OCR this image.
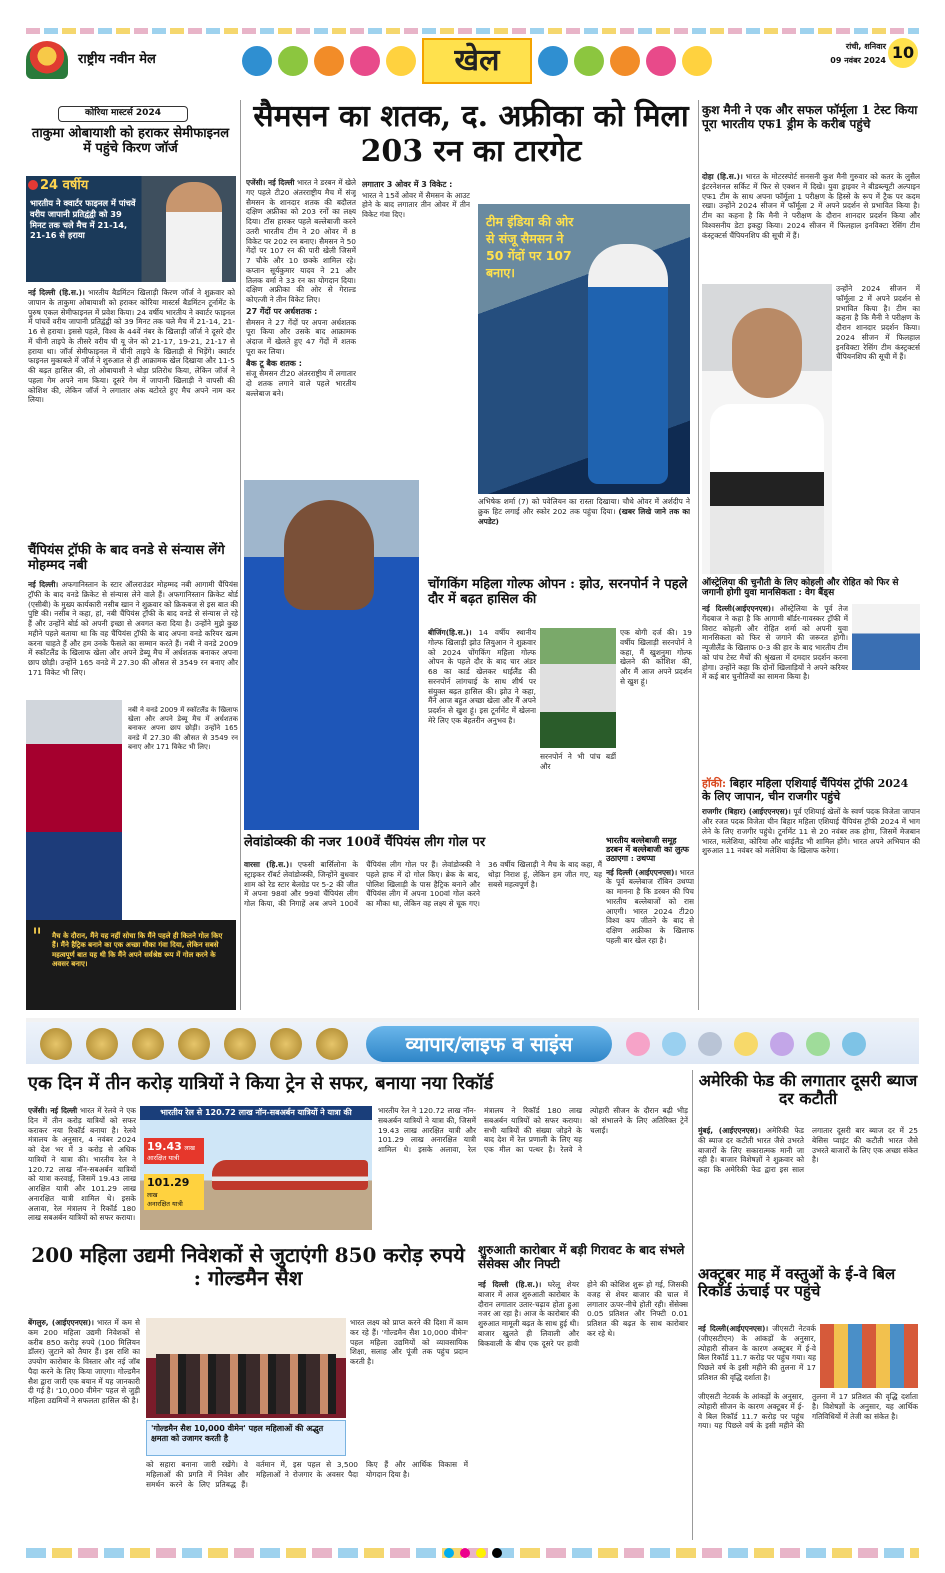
राष्ट्रीय नवीन मेल	खेल	रांची, शनिवार
09 नवंबर 2024 10
कोरिया मास्टर्स 2024
ताकुमा ओबायाशी को हराकर सेमीफाइनल में पहुंचे किरण जॉर्ज
24 वर्षीय
भारतीय ने क्वार्टर फाइनल में पांचवें वरीय जापानी प्रतिद्वंद्वी को 39 मिनट तक चले मैच में 21-14, 21-16 से हराया
नई दिल्ली (हि.स.)। भारतीय बैडमिंटन खिलाड़ी किरण जॉर्ज ने शुक्रवार को जापान के ताकुमा ओबायाशी को हराकर कोरिया मास्टर्स बैडमिंटन टूर्नामेंट के पुरुष एकल सेमीफाइनल में प्रवेश किया। 24 वर्षीय भारतीय ने क्वार्टर फाइनल में पांचवें वरीय जापानी प्रतिद्वंद्वी को 39 मिनट तक चले मैच में 21-14, 21-16 से हराया। इससे पहले, विश्व के 44वें नंबर के खिलाड़ी जॉर्ज ने दूसरे दौर में चीनी ताइपे के तीसरे वरीय ची यू जेन को 21-17, 19-21, 21-17 से हराया था। जॉर्ज सेमीफाइनल में चीनी ताइपे के खिलाड़ी से भिड़ेंगे। क्वार्टर फाइनल मुकाबले में जॉर्ज ने शुरुआत से ही आक्रामक खेल दिखाया और 11-5 की बढ़त हासिल की, तो ओबायाशी ने थोड़ा प्रतिरोध किया, लेकिन जॉर्ज ने पहला गेम अपने नाम किया। दूसरे गेम में जापानी खिलाड़ी ने वापसी की कोशिश की, लेकिन जॉर्ज ने लगातार अंक बटोरते हुए मैच अपने नाम कर लिया।
चैंपियंस ट्रॉफी के बाद वनडे से संन्यास लेंगे मोहम्मद नबी
नई दिल्ली। अफगानिस्तान के स्टार ऑलराउंडर मोहम्मद नबी आगामी चैंपियंस ट्रॉफी के बाद वनडे क्रिकेट से संन्यास लेने वाले हैं। अफगानिस्तान क्रिकेट बोर्ड (एसीबी) के मुख्य कार्यकारी नसीब खान ने शुक्रवार को क्रिकबज से इस बात की पुष्टि की। नसीब ने कहा, हां, नबी चैंपियंस ट्रॉफी के बाद वनडे से संन्यास ले रहे हैं और उन्होंने बोर्ड को अपनी इच्छा से अवगत करा दिया है। उन्होंने मुझे कुछ महीने पहले बताया था कि वह चैंपियंस ट्रॉफी के बाद अपना वनडे करियर खत्म करना चाहते हैं और हम उनके फैसले का सम्मान करते हैं। नबी ने वनडे 2009 में स्कॉटलैंड के खिलाफ खेला और अपने डेब्यू मैच में अर्धशतक बनाकर अपना छाप छोड़ी। उन्होंने 165 वनडे में 27.30 की औसत से 3549 रन बनाए और 171 विकेट भी लिए।
नबी ने वनडे 2009 में स्कॉटलैंड के खिलाफ खेला और अपने डेब्यू मैच में अर्धशतक बनाकर अपना छाप छोड़ी। उन्होंने 165 वनडे में 27.30 की औसत से 3549 रन बनाए और 171 विकेट भी लिए।
" मैच के दौरान, मैंने यह नहीं सोचा कि मैंने पहले ही कितने गोल किए हैं। मैंने हैट्रिक बनाने का एक अच्छा मौका गंवा दिया, लेकिन सबसे महत्वपूर्ण बात यह थी कि मैंने अपने सर्वश्रेष्ठ रूप में गोल करने के अवसर बनाए।
सैमसन का शतक, द. अफ्रीका को मिला 203 रन का टारगेट
एजेंसी। नई दिल्ली भारत ने डरबन में खेले गए पहले टी20 अंतरराष्ट्रीय मैच में संजू सैमसन के शानदार शतक की बदौलत दक्षिण अफ्रीका को 203 रनों का लक्ष्य दिया। टॉस हारकर पहले बल्लेबाजी करने उतरी भारतीय टीम ने 20 ओवर में 8 विकेट पर 202 रन बनाए। सैमसन ने 50 गेंदों पर 107 रन की पारी खेली जिसमें 7 चौके और 10 छक्के शामिल रहे। कप्तान सूर्यकुमार यादव ने 21 और तिलक वर्मा ने 33 रन का योगदान दिया। दक्षिण अफ्रीका की ओर से गेराल्ड कोएत्जी ने तीन विकेट लिए।
27 गेंदों पर अर्धशतक :
सैमसन ने 27 गेंदों पर अपना अर्धशतक पूरा किया और उसके बाद आक्रामक अंदाज में खेलते हुए 47 गेंदों में शतक पूरा कर लिया।
बैक टू बैक शतक :
संजू सैमसन टी20 अंतरराष्ट्रीय में लगातार दो शतक लगाने वाले पहले भारतीय बल्लेबाज बने।
लगातार 3 ओवर में 3 विकेट :
भारत ने 15वें ओवर में सैमसन के आउट होने के बाद लगातार तीन ओवर में तीन विकेट गंवा दिए।	टीम इंडिया की ओर से संजू सैमसन ने 50 गेंदों पर 107 बनाए।
अभिषेक शर्मा (7) को पवेलियन का रास्ता दिखाया। चौथे ओवर में अर्शदीप ने क्रुक हिट लगाई और स्कोर 202 तक पहुंचा दिया। (खबर लिखे जाने तक का अपडेट)
चोंगकिंग महिला गोल्फ ओपन : झोउ, सरनपोर्न ने पहले दौर में बढ़त हासिल की
बीजिंग(हि.स.)। 14 वर्षीय स्थानीय गोल्फ खिलाड़ी झोउ लियुआन ने शुक्रवार को 2024 चोंगकिंग महिला गोल्फ ओपन के पहले दौर के बाद चार अंडर 68 का कार्ड खेलकर थाईलैंड की सरनपोर्न लांगचाई के साथ शीर्ष पर संयुक्त बढ़त हासिल की। झोउ ने कहा, मैंने आज बहुत अच्छा खेला और मैं अपने प्रदर्शन से खुश हूं। इस टूर्नामेंट में खेलना मेरे लिए एक बेहतरीन अनुभव है।
सरनपोर्न ने भी पांच बर्डी और
एक बोगी दर्ज की। 19 वर्षीय खिलाड़ी सरनपोर्न ने कहा, मैं खुशनुमा गोल्फ खेलने की कोशिश की, और मैं आज अपने प्रदर्शन से खुश हूं।
लेवांडोव्स्की की नजर 100वें चैंपियंस लीग गोल पर
वारसा (हि.स.)। एफसी बार्सिलोना के स्ट्राइकर रॉबर्ट लेवांडोव्स्की, जिन्होंने बुधवार शाम को रेड स्टार बेलग्रेड पर 5-2 की जीत में अपना 98वां और 99वां चैंपियंस लीग गोल किया, की निगाहें अब अपने 100वें चैंपियंस लीग गोल पर हैं। लेवांडोव्स्की ने पहले हाफ में दो गोल किए। ब्रेक के बाद, पोलिश खिलाड़ी के पास हैट्रिक बनाने और चैंपियंस लीग में अपना 100वां गोल करने का मौका था, लेकिन वह लक्ष्य से चूक गए। 36 वर्षीय खिलाड़ी ने मैच के बाद कहा, मैं थोड़ा निराश हूं, लेकिन हम जीत गए, यह सबसे महत्वपूर्ण है।
भारतीय बल्लेबाजी समूह डरबन में बल्लेबाजी का लुत्फ उठाएगा : उथप्पा
नई दिल्ली (आईएएनएस)। भारत के पूर्व बल्लेबाज रॉबिन उथप्पा का मानना है कि डरबन की पिच भारतीय बल्लेबाजों को रास आएगी। भारत 2024 टी20 विश्व कप जीतने के बाद से दक्षिण अफ्रीका के खिलाफ पहली बार खेल रहा है।
कुश मैनी ने एक और सफल फॉर्मूला 1 टेस्ट किया पूरा भारतीय एफ1 ड्रीम के करीब पहुंचे
दोहा (हि.स.)। भारत के मोटरस्पोर्ट सनसनी कुश मैनी गुरुवार को कतर के लुसैल इंटरनेशनल सर्किट में फिर से एक्शन में दिखे। युवा ड्राइवर ने बीडब्ल्यूटी अल्पाइन एफ1 टीम के साथ अपना फॉर्मूला 1 परीक्षण के हिस्से के रूप में ट्रैक पर कदम रखा। उन्होंने 2024 सीजन में फॉर्मूला 2 में अपने प्रदर्शन से प्रभावित किया है। टीम का कहना है कि मैनी ने परीक्षण के दौरान शानदार प्रदर्शन किया और विश्वसनीय डेटा इकट्ठा किया। 2024 सीजन में फिलहाल इनविक्टा रेसिंग टीम कंस्ट्रक्टर्स चैंपियनशिप की सूची में हैं।
उन्होंने 2024 सीजन में फॉर्मूला 2 में अपने प्रदर्शन से प्रभावित किया है। टीम का कहना है कि मैनी ने परीक्षण के दौरान शानदार प्रदर्शन किया। 2024 सीजन में फिलहाल इनविक्टा रेसिंग टीम कंस्ट्रक्टर्स चैंपियनशिप की सूची में हैं।
ऑस्ट्रेलिया की चुनौती के लिए कोहली और रोहित को फिर से जगानी होगी युवा मानसिकता : वेग बैंड्स
नई दिल्ली(आईएएनएस)। ऑस्ट्रेलिया के पूर्व तेज गेंदबाज ने कहा है कि आगामी बॉर्डर-गावस्कर ट्रॉफी में विराट कोहली और रोहित शर्मा को अपनी युवा मानसिकता को फिर से जगाने की जरूरत होगी। न्यूजीलैंड के खिलाफ 0-3 की हार के बाद भारतीय टीम को पांच टेस्ट मैचों की श्रृंखला में दमदार प्रदर्शन करना होगा। उन्होंने कहा कि दोनों खिलाड़ियों ने अपने करियर में कई बार चुनौतियों का सामना किया है।
हॉकी: बिहार महिला एशियाई चैंपियंस ट्रॉफी 2024 के लिए जापान, चीन राजगीर पहुंचे
राजगीर (बिहार) (आईएएनएस)। पूर्व एशियाई खेलों के स्वर्ण पदक विजेता जापान और रजत पदक विजेता चीन बिहार महिला एशियाई चैंपियंस ट्रॉफी 2024 में भाग लेने के लिए राजगीर पहुंचे। टूर्नामेंट 11 से 20 नवंबर तक होगा, जिसमें मेजबान भारत, मलेशिया, कोरिया और थाईलैंड भी शामिल होंगे। भारत अपने अभियान की शुरुआत 11 नवंबर को मलेशिया के खिलाफ करेगा।
व्यापार/लाइफ व साइंस
एक दिन में तीन करोड़ यात्रियों ने किया ट्रेन से सफर, बनाया नया रिकॉर्ड
एजेंसी। नई दिल्ली भारत में रेलवे ने एक दिन में तीन करोड़ यात्रियों को सफर कराकर नया रिकॉर्ड बनाया है। रेलवे मंत्रालय के अनुसार, 4 नवंबर 2024 को देश भर में 3 करोड़ से अधिक यात्रियों ने यात्रा की। भारतीय रेल ने 120.72 लाख नॉन-सबअर्बन यात्रियों को यात्रा करवाई, जिसमें 19.43 लाख आरक्षित यात्री और 101.29 लाख अनारक्षित यात्री शामिल थे। इसके अलावा, रेल मंत्रालय ने रिकॉर्ड 180 लाख सबअर्बन यात्रियों को सफर कराया।
भारतीय रेल से 120.72 लाख नॉन-सबअर्बन यात्रियों ने यात्रा की
19.43 लाख
आरक्षित यात्री
101.29 लाख
अनारक्षित यात्री
भारतीय रेल ने 120.72 लाख नॉन-सबअर्बन यात्रियों ने यात्रा की, जिसमें 19.43 लाख आरक्षित यात्री और 101.29 लाख अनारक्षित यात्री शामिल थे। इसके अलावा, रेल मंत्रालय ने रिकॉर्ड 180 लाख सबअर्बन यात्रियों को सफर कराया। सभी यात्रियों की संख्या जोड़ने के बाद देश में रेल प्रणाली के लिए यह एक मील का पत्थर है। रेलवे ने त्योहारी सीजन के दौरान बढ़ी भीड़ को संभालने के लिए अतिरिक्त ट्रेनें चलाईं।
अमेरिकी फेड की लगातार दूसरी ब्याज दर कटौती
मुंबई, (आईएएनएस)। अमेरिकी फेड की ब्याज दर कटौती भारत जैसे उभरते बाजारों के लिए सकारात्मक मानी जा रही है। बाजार विशेषज्ञों ने शुक्रवार को कहा कि अमेरिकी फेड द्वारा इस साल लगातार दूसरी बार ब्याज दर में 25 बेसिस प्वाइंट की कटौती भारत जैसे उभरते बाजारों के लिए एक अच्छा संकेत है।
200 महिला उद्यमी निवेशकों से जुटाएंगी 850 करोड़ रुपये : गोल्डमैन सैश
बेंगलुरु, (आईएएनएस)। भारत में कम से कम 200 महिला उद्यमी निवेशकों से करीब 850 करोड़ रुपये (100 मिलियन डॉलर) जुटाने को तैयार हैं। इस राशि का उपयोग कारोबार के विस्तार और नई जॉब पैदा करने के लिए किया जाएगा। गोल्डमैन सैश द्वारा जारी एक बयान में यह जानकारी दी गई है। '10,000 वीमेन' पहल से जुड़ी महिला उद्यमियों ने सफलता हासिल की है।
'गोल्डमैन सैश 10,000 वीमेन' पहल महिलाओं की अद्भुत क्षमता को उजागर करती है
को सहारा बनाना जारी रखेंगे। वे महिलाओं की प्रगति में निवेश और समर्थन करने के लिए प्रतिबद्ध हैं। वर्तमान में, इस पहल से 3,500 महिलाओं ने रोजगार के अवसर पैदा किए हैं और आर्थिक विकास में योगदान दिया है।
भारत लक्ष्य को प्राप्त करने की दिशा में काम कर रहे हैं। 'गोल्डमैन सैश 10,000 वीमेन' पहल महिला उद्यमियों को व्यावसायिक शिक्षा, सलाह और पूंजी तक पहुंच प्रदान करती है।
शुरुआती कारोबार में बड़ी गिरावट के बाद संभले सेंसेक्स और निफ्टी
नई दिल्ली (हि.स.)। घरेलू शेयर बाजार में आज शुरुआती कारोबार के दौरान लगातार उतार-चढ़ाव होता हुआ नजर आ रहा है। आज के कारोबार की शुरुआत मामूली बढ़त के साथ हुई थी। बाजार खुलते ही लिवाली और बिकवाली के बीच एक दूसरे पर हावी होने की कोशिश शुरू हो गई, जिसकी वजह से शेयर बाजार की चाल में लगातार ऊपर-नीचे होती रही। सेंसेक्स 0.05 प्रतिशत और निफ्टी 0.01 प्रतिशत की बढ़त के साथ कारोबार कर रहे थे।
अक्टूबर माह में वस्तुओं के ई-वे बिल रिकॉर्ड ऊंचाई पर पहुंचे
नई दिल्ली(आईएएनएस)। जीएसटी नेटवर्क (जीएसटीएन) के आंकड़ों के अनुसार, त्योहारी सीजन के कारण अक्टूबर में ई-वे बिल रिकॉर्ड 11.7 करोड़ पर पहुंच गया। यह पिछले वर्ष के इसी महीने की तुलना में 17 प्रतिशत की वृद्धि दर्शाता है।
जीएसटी नेटवर्क के आंकड़ों के अनुसार, त्योहारी सीजन के कारण अक्टूबर में ई-वे बिल रिकॉर्ड 11.7 करोड़ पर पहुंच गया। यह पिछले वर्ष के इसी महीने की तुलना में 17 प्रतिशत की वृद्धि दर्शाता है। विशेषज्ञों के अनुसार, यह आर्थिक गतिविधियों में तेजी का संकेत है।
